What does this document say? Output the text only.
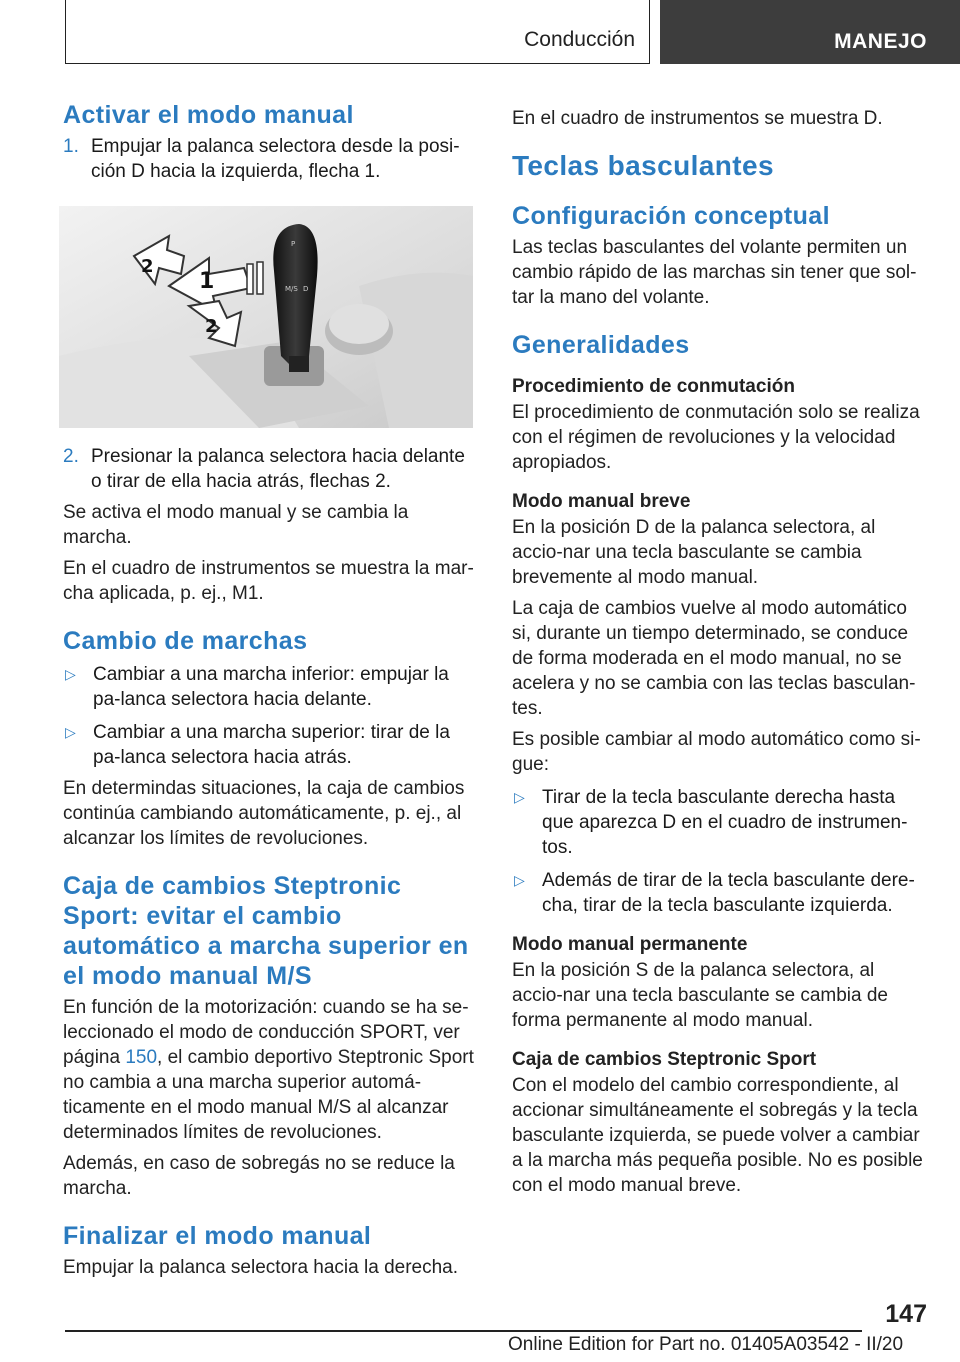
Conducción	MANEJO
Activar el modo manual
1. Empujar la palanca selectora desde la posi‐ción D hacia la izquierda, flecha 1.
P
M/S D
1
2
2
2. Presionar la palanca selectora hacia delante o tirar de ella hacia atrás, flechas 2.

Se activa el modo manual y se cambia la marcha.

En el cuadro de instrumentos se muestra la mar‐cha aplicada, p. ej., M1.

Cambio de marchas
▷ Cambiar a una marcha inferior: empujar la pa‐lanca selectora hacia delante.
▷ Cambiar a una marcha superior: tirar de la pa‐lanca selectora hacia atrás.

En determindas situaciones, la caja de cambios continúa cambiando automáticamente, p. ej., al alcanzar los límites de revoluciones.

Caja de cambios Steptronic Sport: evitar el cambio automático a marcha superior en el modo manual M/S

En función de la motorización: cuando se ha se‐leccionado el modo de conducción SPORT, ver página 150, el cambio deportivo Steptronic Sport no cambia a una marcha superior automá‐ticamente en el modo manual M/S al alcanzar determinados límites de revoluciones.

Además, en caso de sobregás no se reduce la marcha.

Finalizar el modo manual

Empujar la palanca selectora hacia la derecha.

En el cuadro de instrumentos se muestra D.

Teclas basculantes
Configuración conceptual

Las teclas basculantes del volante permiten un cambio rápido de las marchas sin tener que sol‐tar la mano del volante.

Generalidades
Procedimiento de conmutación

El procedimiento de conmutación solo se realiza con el régimen de revoluciones y la velocidad apropiados.

Modo manual breve

En la posición D de la palanca selectora, al accio‐nar una tecla basculante se cambia brevemente al modo manual.

La caja de cambios vuelve al modo automático si, durante un tiempo determinado, se conduce de forma moderada en el modo manual, no se acelera y no se cambia con las teclas basculan‐tes.

Es posible cambiar al modo automático como si‐gue:

▷ Tirar de la tecla basculante derecha hasta que aparezca D en el cuadro de instrumen‐tos.
▷ Además de tirar de la tecla basculante dere‐cha, tirar de la tecla basculante izquierda.
Modo manual permanente

En la posición S de la palanca selectora, al accio‐nar una tecla basculante se cambia de forma permanente al modo manual.

Caja de cambios Steptronic Sport

Con el modelo del cambio correspondiente, al accionar simultáneamente el sobregás y la tecla basculante izquierda, se puede volver a cambiar a la marcha más pequeña posible. No es posible con el modo manual breve.

147
Online Edition for Part no. 01405A03542 - II/20
